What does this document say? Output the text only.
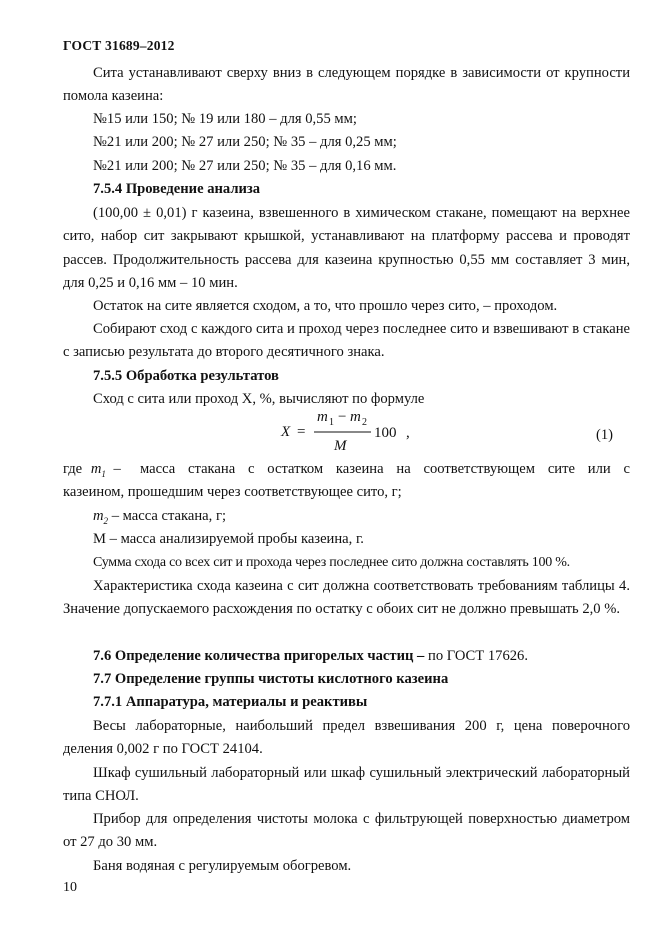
ГОСТ 31689–2012
Сита устанавливают сверху вниз в следующем порядке в зависимости от крупности помола казеина:
№15 или 150; № 19 или 180 – для 0,55 мм;
№21 или 200; № 27 или 250; № 35 – для 0,25 мм;
№21 или 200; № 27 или 250; № 35 – для 0,16 мм.
7.5.4 Проведение анализа
(100,00 ± 0,01) г казеина, взвешенного в химическом стакане, помещают на верхнее сито, набор сит закрывают крышкой, устанавливают на платформу рассева и проводят рассев. Продолжительность рассева для казеина крупностью 0,55 мм составляет 3 мин, для 0,25 и 0,16 мм – 10 мин.
Остаток на сите является сходом, а то, что прошло через сито, – проходом.
Собирают сход с каждого сита и проход через последнее сито и взвешивают в стакане с записью результата до второго десятичного знака.
7.5.5 Обработка результатов
Сход с сита или проход X, %, вычисляют по формуле
X =
m 1 − m 2
M
100 ,	(1)
где $m_1$ – масса стакана с остатком казеина на соответствующем сите или с
казеином, прошедшим через соответствующее сито, г;
$m_2$ – масса стакана, г;
М – масса анализируемой пробы казеина, г.
Сумма схода со всех сит и прохода через последнее сито должна составлять 100 %.
Характеристика схода казеина с сит должна соответствовать требованиям таблицы 4. Значение допускаемого расхождения по остатку с обоих сит не должно превышать 2,0 %.
7.6 Определение количества пригорелых частиц – по ГОСТ 17626.
7.7 Определение группы чистоты кислотного казеина
7.7.1 Аппаратура, материалы и реактивы
Весы лабораторные, наибольший предел взвешивания 200 г, цена поверочного деления 0,002 г по ГОСТ 24104.
Шкаф сушильный лабораторный или шкаф сушильный электрический лабораторный типа СНОЛ.
Прибор для определения чистоты молока с фильтрующей поверхностью диаметром от 27 до 30 мм.
Баня водяная с регулируемым обогревом.
10
